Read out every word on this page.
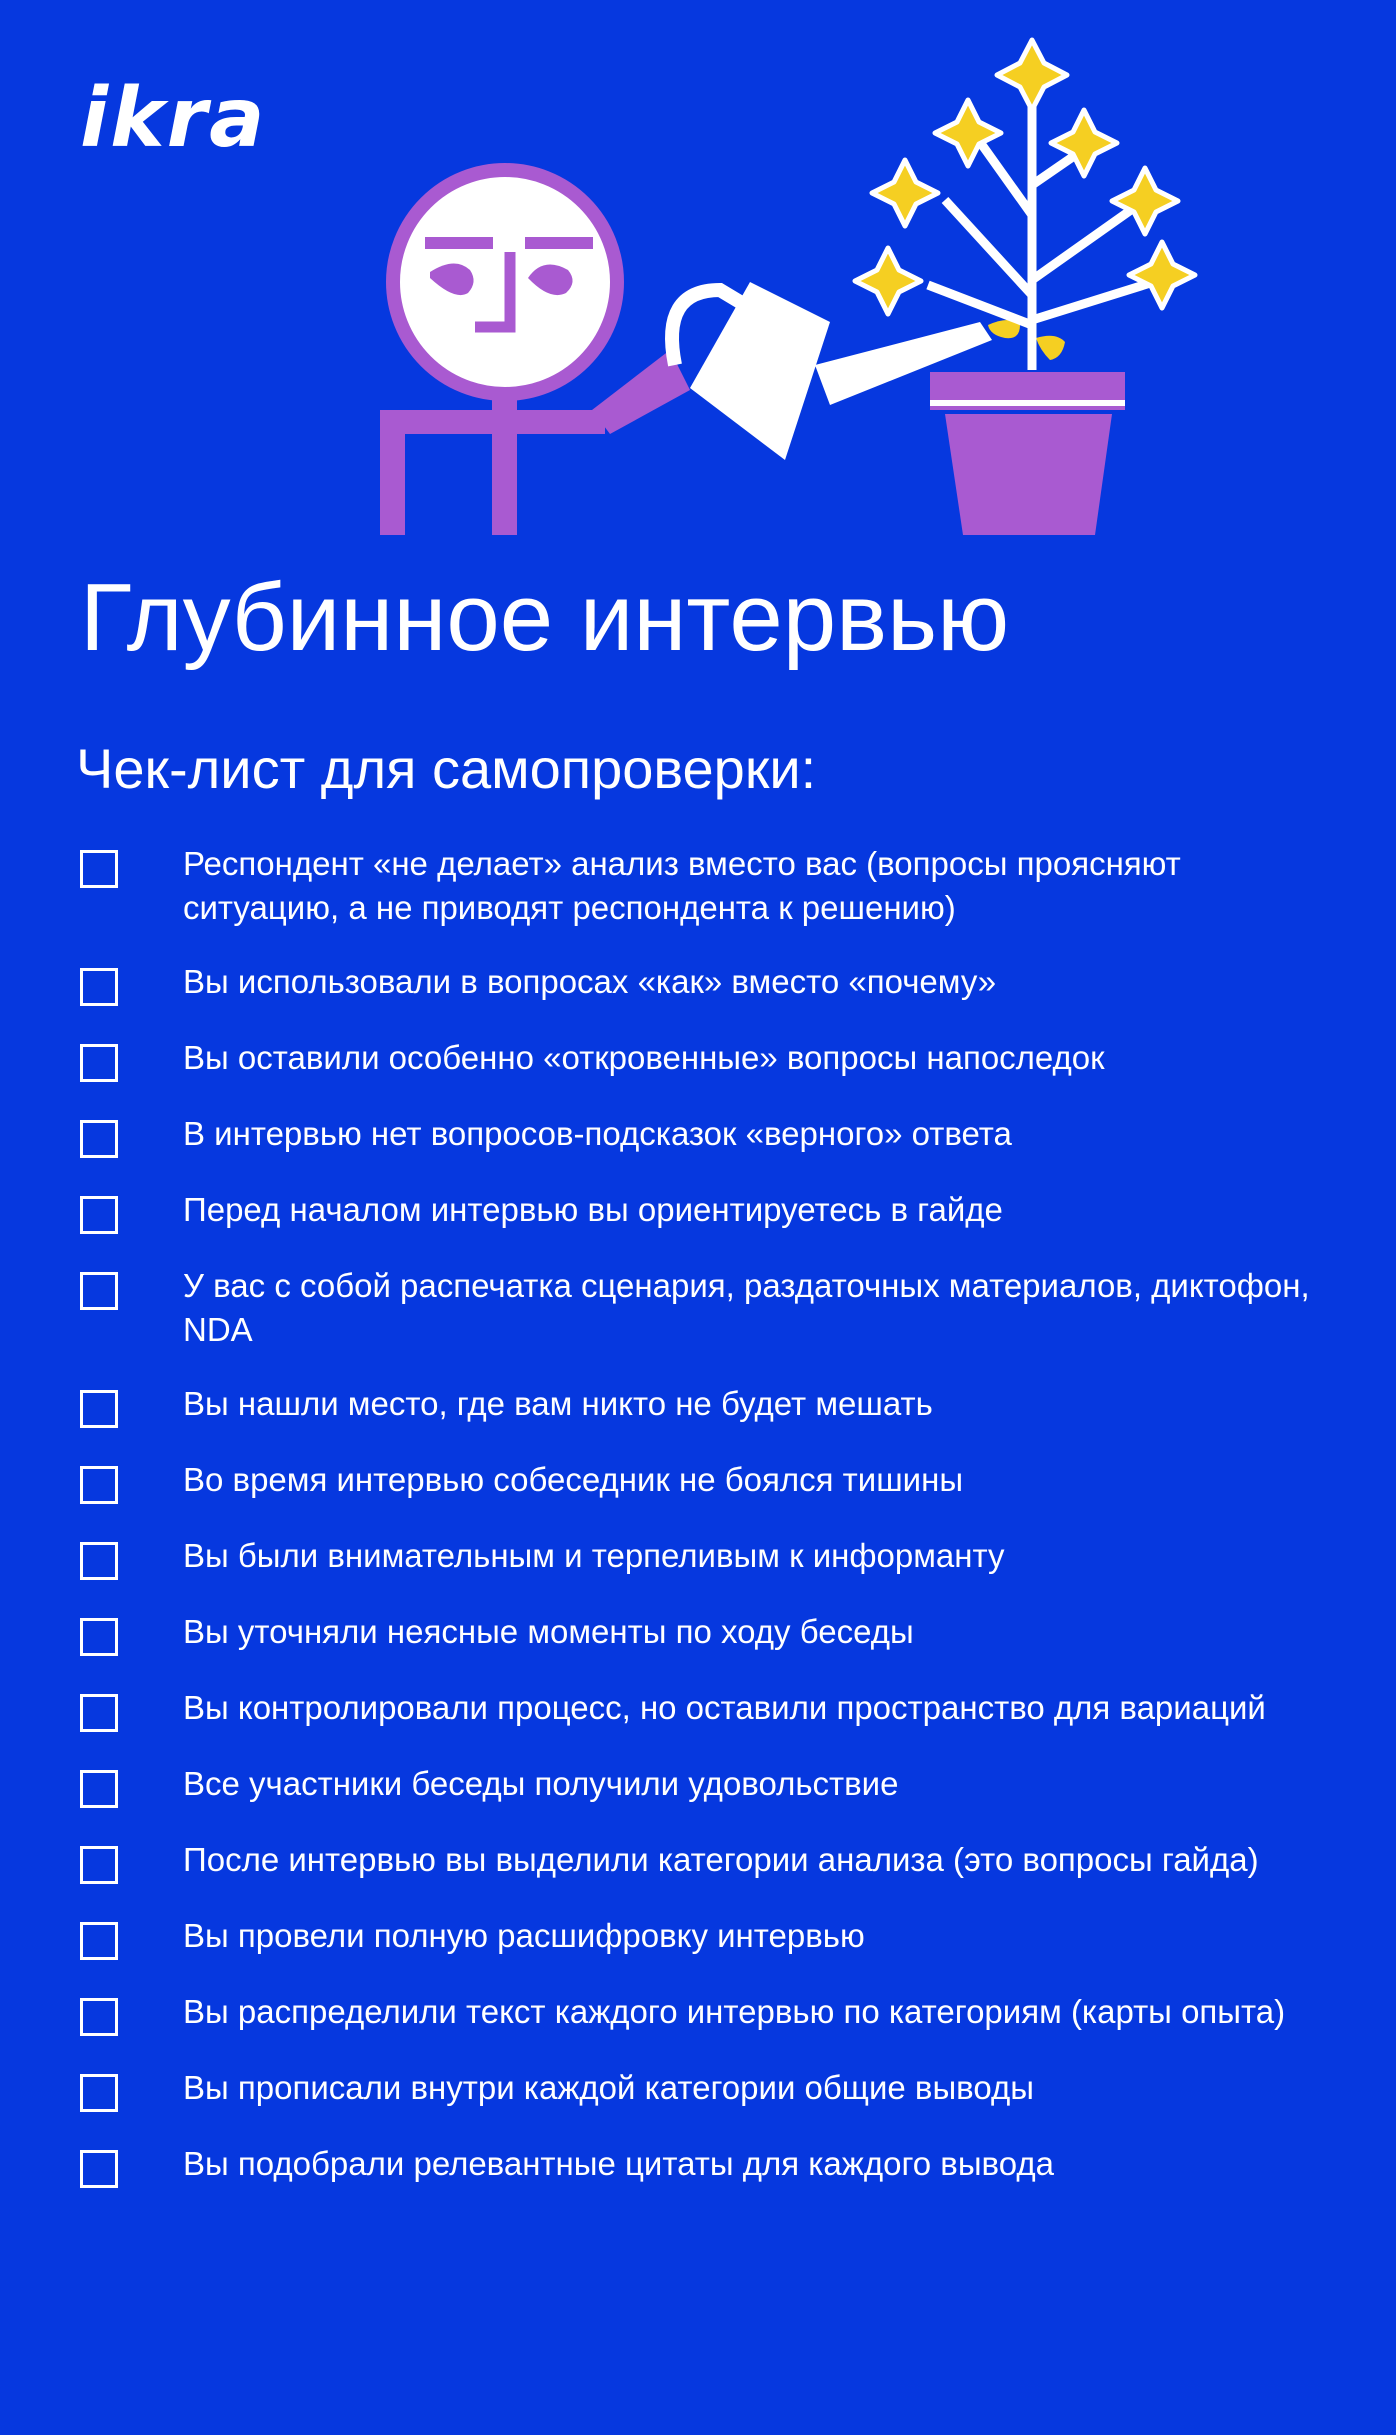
ikra
Глубинное интервью
Чек-лист для самопроверки:
Респондент «не делает» анализ вместо вас (вопросы проясняют ситуацию, а не приводят респондента к решению)
Вы использовали в вопросах «как» вместо «почему»
Вы оставили особенно «откровенные» вопросы напоследок
В интервью нет вопросов-подсказок «верного» ответа
Перед началом интервью вы ориентируетесь в гайде
У вас с собой распечатка сценария, раздаточных материалов, диктофон, NDA
Вы нашли место, где вам никто не будет мешать
Во время интервью собеседник не боялся тишины
Вы были внимательным и терпеливым к информанту
Вы уточняли неясные моменты по ходу беседы
Вы контролировали процесс, но оставили пространство для вариаций
Все участники беседы получили удовольствие
После интервью вы выделили категории анализа (это вопросы гайда)
Вы провели полную расшифровку интервью
Вы распределили текст каждого интервью по категориям (карты опыта)
Вы прописали внутри каждой категории общие выводы
Вы подобрали релевантные цитаты для каждого вывода
